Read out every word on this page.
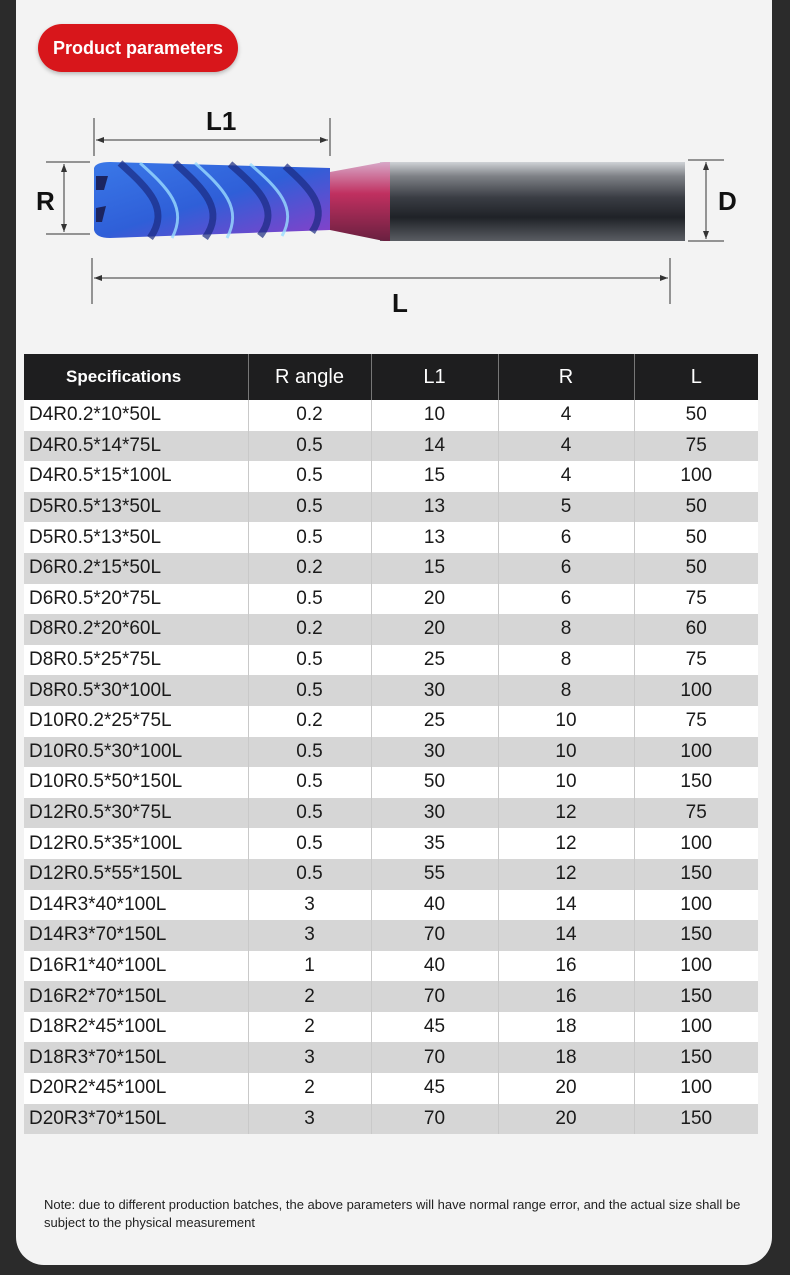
Product parameters
L1
R	D
L
Specifications	R angle	L1	R	L
D4R0.2*10*50L	0.2	10	4	50
D4R0.5*14*75L	0.5	14	4	75
D4R0.5*15*100L	0.5	15	4	100
D5R0.5*13*50L	0.5	13	5	50
D5R0.5*13*50L	0.5	13	6	50
D6R0.2*15*50L	0.2	15	6	50
D6R0.5*20*75L	0.5	20	6	75
D8R0.2*20*60L	0.2	20	8	60
D8R0.5*25*75L	0.5	25	8	75
D8R0.5*30*100L	0.5	30	8	100
D10R0.2*25*75L	0.2	25	10	75
D10R0.5*30*100L	0.5	30	10	100
D10R0.5*50*150L	0.5	50	10	150
D12R0.5*30*75L	0.5	30	12	75
D12R0.5*35*100L	0.5	35	12	100
D12R0.5*55*150L	0.5	55	12	150
D14R3*40*100L	3	40	14	100
D14R3*70*150L	3	70	14	150
D16R1*40*100L	1	40	16	100
D16R2*70*150L	2	70	16	150
D18R2*45*100L	2	45	18	100
D18R3*70*150L	3	70	18	150
D20R2*45*100L	2	45	20	100
D20R3*70*150L	3	70	20	150
Note: due to different production batches, the above parameters will have normal range error, and the actual size shall be subject to the physical measurement
